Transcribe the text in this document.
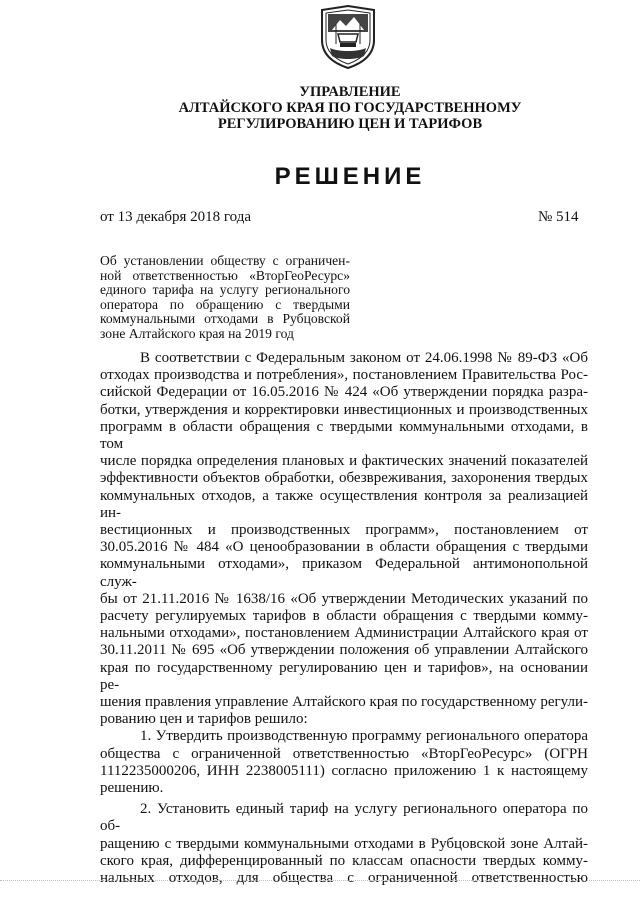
УПРАВЛЕНИЕ
АЛТАЙСКОГО КРАЯ ПО ГОСУДАРСТВЕННОМУ
РЕГУЛИРОВАНИЮ ЦЕН И ТАРИФОВ
РЕШЕНИЕ
от 13 декабря 2018 года	№ 514
Об установлении обществу с ограничен-
ной ответственностью «ВторГеоРесурс»
единого тарифа на услугу регионального
оператора по обращению с твердыми
коммунальными отходами в Рубцовской
зоне Алтайского края на 2019 год
В соответствии с Федеральным законом от 24.06.1998 № 89-ФЗ «Об
отходах производства и потребления», постановлением Правительства Рос-
сийской Федерации от 16.05.2016 № 424 «Об утверждении порядка разра-
ботки, утверждения и корректировки инвестиционных и производственных
программ в области обращения с твердыми коммунальными отходами, в том
числе порядка определения плановых и фактических значений показателей
эффективности объектов обработки, обезвреживания, захоронения твердых
коммунальных отходов, а также осуществления контроля за реализацией ин-
вестиционных и производственных программ», постановлением от
30.05.2016 № 484 «О ценообразовании в области обращения с твердыми
коммунальными отходами», приказом Федеральной антимонопольной служ-
бы от 21.11.2016 № 1638/16 «Об утверждении Методических указаний по
расчету регулируемых тарифов в области обращения с твердыми комму-
нальными отходами», постановлением Администрации Алтайского края от
30.11.2011 № 695 «Об утверждении положения об управлении Алтайского
края по государственному регулированию цен и тарифов», на основании ре-
шения правления управление Алтайского края по государственному регули-
рованию цен и тарифов решило:
1. Утвердить производственную программу регионального оператора
общества с ограниченной ответственностью «ВторГеоРесурс» (ОГРН
1112235000206, ИНН 2238005111) согласно приложению 1 к настоящему
решению.
2. Установить единый тариф на услугу регионального оператора по об-
ращению с твердыми коммунальными отходами в Рубцовской зоне Алтай-
ского края, дифференцированный по классам опасности твердых комму-
нальных отходов, для общества с ограниченной ответственностью
